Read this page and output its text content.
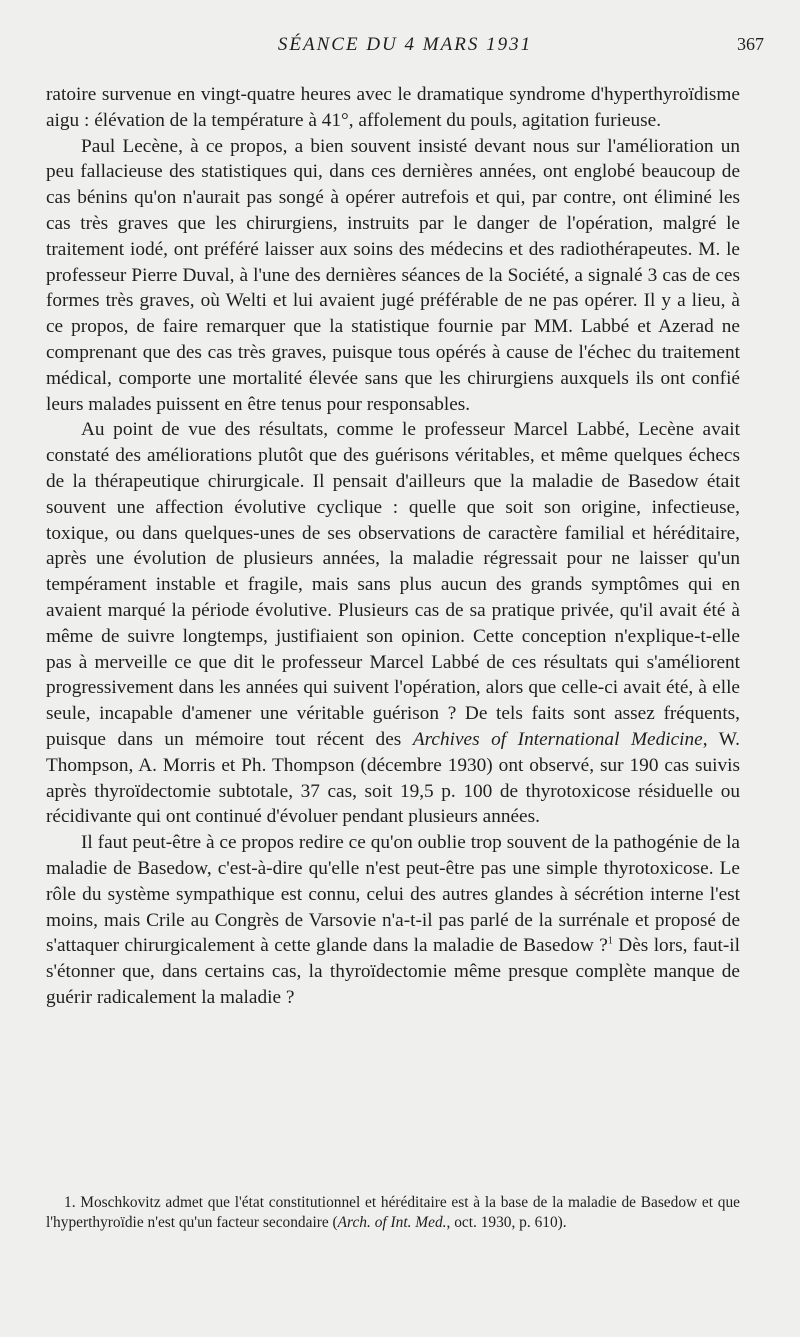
SÉANCE DU 4 MARS 1931	367

ratoire survenue en vingt-quatre heures avec le dramatique syndrome d'hyperthyroïdisme aigu : élévation de la température à 41°, affolement du pouls, agitation furieuse.

Paul Lecène, à ce propos, a bien souvent insisté devant nous sur l'amélioration un peu fallacieuse des statistiques qui, dans ces dernières années, ont englobé beaucoup de cas bénins qu'on n'aurait pas songé à opérer autrefois et qui, par contre, ont éliminé les cas très graves que les chirurgiens, instruits par le danger de l'opération, malgré le traitement iodé, ont préféré laisser aux soins des médecins et des radiothérapeutes. M. le professeur Pierre Duval, à l'une des dernières séances de la Société, a signalé 3 cas de ces formes très graves, où Welti et lui avaient jugé préférable de ne pas opérer. Il y a lieu, à ce propos, de faire remarquer que la statistique fournie par MM. Labbé et Azerad ne comprenant que des cas très graves, puisque tous opérés à cause de l'échec du traitement médical, comporte une mortalité élevée sans que les chirurgiens auxquels ils ont confié leurs malades puissent en être tenus pour responsables.

Au point de vue des résultats, comme le professeur Marcel Labbé, Lecène avait constaté des améliorations plutôt que des guérisons véritables, et même quelques échecs de la thérapeutique chirurgicale. Il pensait d'ailleurs que la maladie de Basedow était souvent une affection évolutive cyclique : quelle que soit son origine, infectieuse, toxique, ou dans quelques-unes de ses observations de caractère familial et héréditaire, après une évolution de plusieurs années, la maladie régressait pour ne laisser qu'un tempérament instable et fragile, mais sans plus aucun des grands symptômes qui en avaient marqué la période évolutive. Plusieurs cas de sa pratique privée, qu'il avait été à même de suivre longtemps, justifiaient son opinion. Cette conception n'explique-t-elle pas à merveille ce que dit le professeur Marcel Labbé de ces résultats qui s'améliorent progressivement dans les années qui suivent l'opération, alors que celle-ci avait été, à elle seule, incapable d'amener une véritable guérison ? De tels faits sont assez fréquents, puisque dans un mémoire tout récent des Archives of International Medicine, W. Thompson, A. Morris et Ph. Thompson (décembre 1930) ont observé, sur 190 cas suivis après thyroïdectomie subtotale, 37 cas, soit 19,5 p. 100 de thyrotoxicose résiduelle ou récidivante qui ont continué d'évoluer pendant plusieurs années.

Il faut peut-être à ce propos redire ce qu'on oublie trop souvent de la pathogénie de la maladie de Basedow, c'est-à-dire qu'elle n'est peut-être pas une simple thyrotoxicose. Le rôle du système sympathique est connu, celui des autres glandes à sécrétion interne l'est moins, mais Crile au Congrès de Varsovie n'a-t-il pas parlé de la surrénale et proposé de s'attaquer chirurgicalement à cette glande dans la maladie de Basedow ?$^1$ Dès lors, faut-il s'étonner que, dans certains cas, la thyroïdectomie même presque complète manque de guérir radicalement la maladie ?

1. Moschkovitz admet que l'état constitutionnel et héréditaire est à la base de la maladie de Basedow et que l'hyperthyroïdie n'est qu'un facteur secondaire (Arch. of Int. Med., oct. 1930, p. 610).
